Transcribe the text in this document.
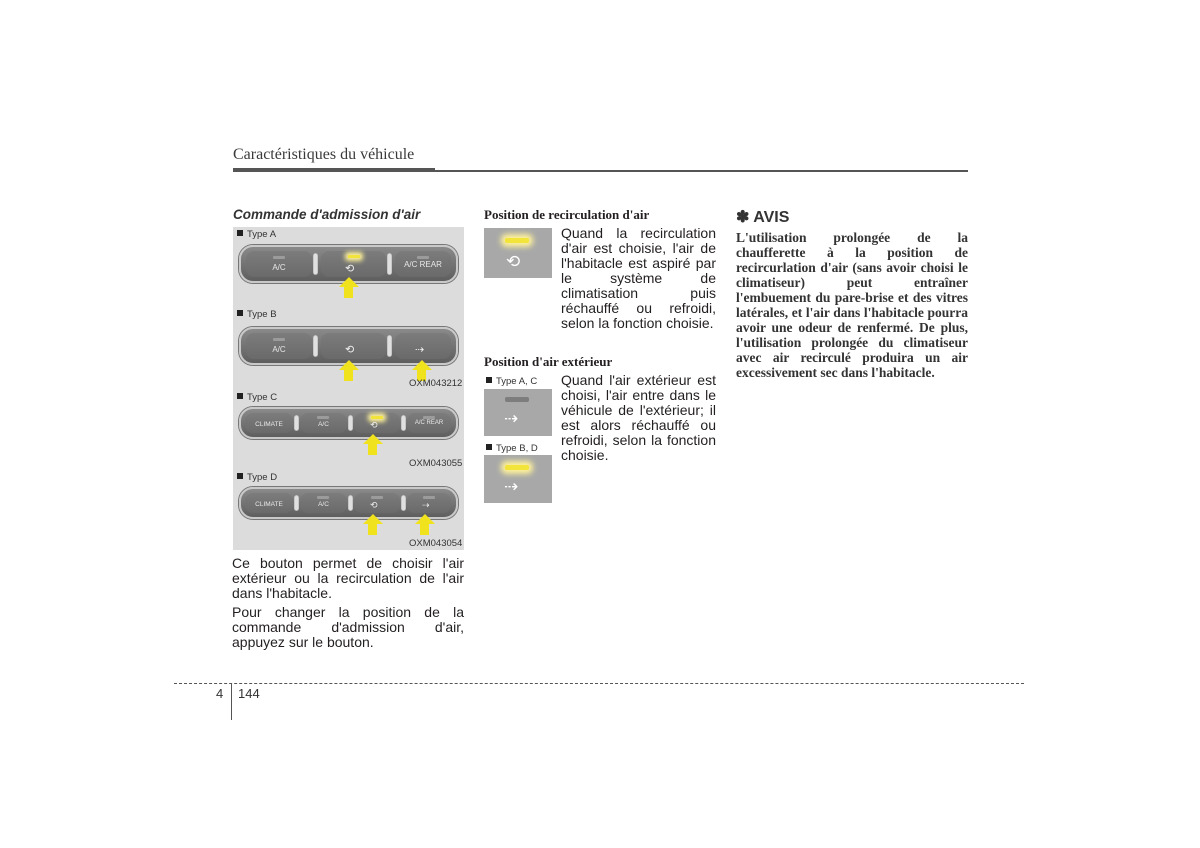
Caractéristiques du véhicule
Commande d'admission d'air
Type A
A/C	⟲	A/C REAR
Type B
A/C	⟲	⇢
OXM043212
Type C
CLIMATE	A/C	⟲	A/C REAR
OXM043055
Type D
CLIMATE	A/C	⟲	⇢
OXM043054
Ce bouton permet de choisir l'air extérieur ou la recirculation de l'air dans l'habitacle.
Pour changer la position de la commande d'admission d'air, appuyez sur le bouton.
Position de recirculation d'air
⟲
Quand la recirculation d'air est choisie, l'air de l'habitacle est aspiré par le système de climatisation puis réchauffé ou refroidi, selon la fonction choisie.
Position d'air extérieur
Type A, C
⇢
Type B, D
⇢
Quand l'air extérieur est choisi, l'air entre dans le véhicule de l'extérieur; il est alors réchauffé ou refroidi, selon la fonction choisie.
✽ AVIS
L'utilisation prolongée de la chaufferette à la position de recircurlation d'air (sans avoir choisi le climatiseur) peut entraîner l'embuement du pare-brise et des vitres latérales, et l'air dans l'habitacle pourra avoir une odeur de renfermé. De plus, l'utilisation prolongée du climatiseur avec air recirculé produira un air excessivement sec dans l'habitacle.
4 144
